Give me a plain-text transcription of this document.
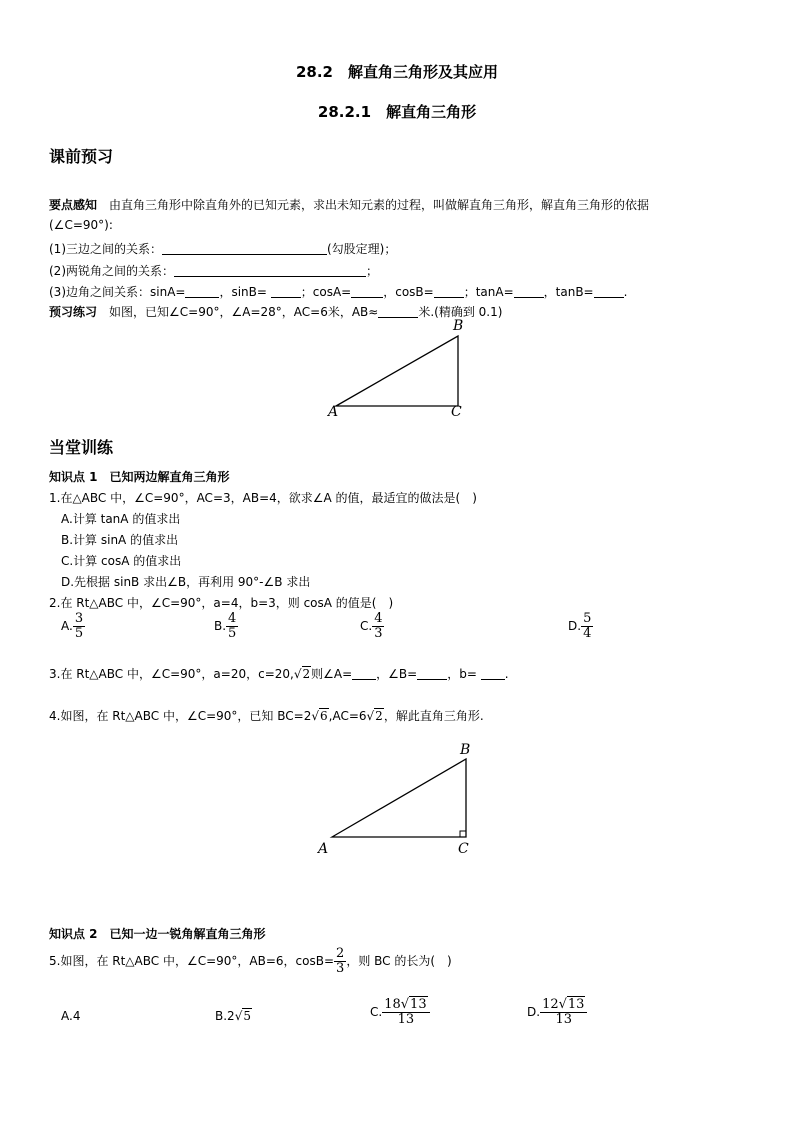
28.2　解直角三角形及其应用
28.2.1　解直角三角形
课前预习
要点感知　由直角三角形中除直角外的已知元素，求出未知元素的过程，叫做解直角三角形，解直角三角形的依据
(∠C=90°):
(1)三边之间的关系：	(勾股定理)；
(2)两锐角之间的关系：	；
(3)边角之间关系：sinA=	，sinB=	；cosA=	，cosB=	；tanA=	，tanB=	.
预习练习　如图，已知∠C=90°，∠A=28°，AC=6米，AB≈	米.(精确到 0.1)
A
B
C
当堂训练
知识点 1　已知两边解直角三角形
1.在△ABC 中，∠C=90°，AC=3，AB=4，欲求∠A 的值，最适宜的做法是(　)
A.计算 tanA 的值求出
B.计算 sinA 的值求出
C.计算 cosA 的值求出
D.先根据 sinB 求出∠B，再利用 90°-∠B 求出
2.在 Rt△ABC 中，∠C=90°，a=4，b=3，则 cosA 的值是(　)
A. $\frac{3}{5}$	B. $\frac{4}{5}$	C. $\frac{4}{3}$	D. $\frac{5}{4}$
3.在 Rt△ABC 中，∠C=90°，a=20，c=20,√2则∠A= ，∠B=	，b= .
4.如图，在 Rt△ABC 中，∠C=90°，已知 BC=2√6,AC=6√2，解此直角三角形.
A
B
C
知识点 2　已知一边一锐角解直角三角形
5.如图，在 Rt△ABC 中，∠C=90°，AB=6，$\cos B= \frac{2}{3}$ ，则 BC 的长为(　)
A.4	B.2√5	C. $\frac{18√13}{13}$	D. $\frac{12√13}{13}$
